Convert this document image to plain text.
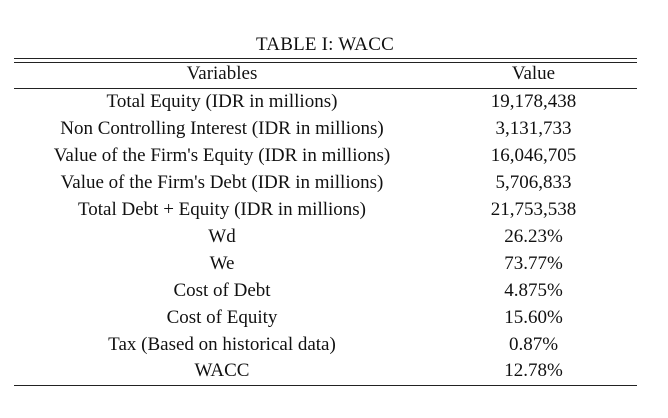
TABLE I: WACC
Variables	Value
Total Equity (IDR in millions)	19,178,438
Non Controlling Interest (IDR in millions)	3,131,733
Value of the Firm's Equity (IDR in millions)	16,046,705
Value of the Firm's Debt (IDR in millions)	5,706,833
Total Debt + Equity (IDR in millions)	21,753,538
Wd	26.23%
We	73.77%
Cost of Debt	4.875%
Cost of Equity	15.60%
Tax (Based on historical data)	0.87%
WACC	12.78%
